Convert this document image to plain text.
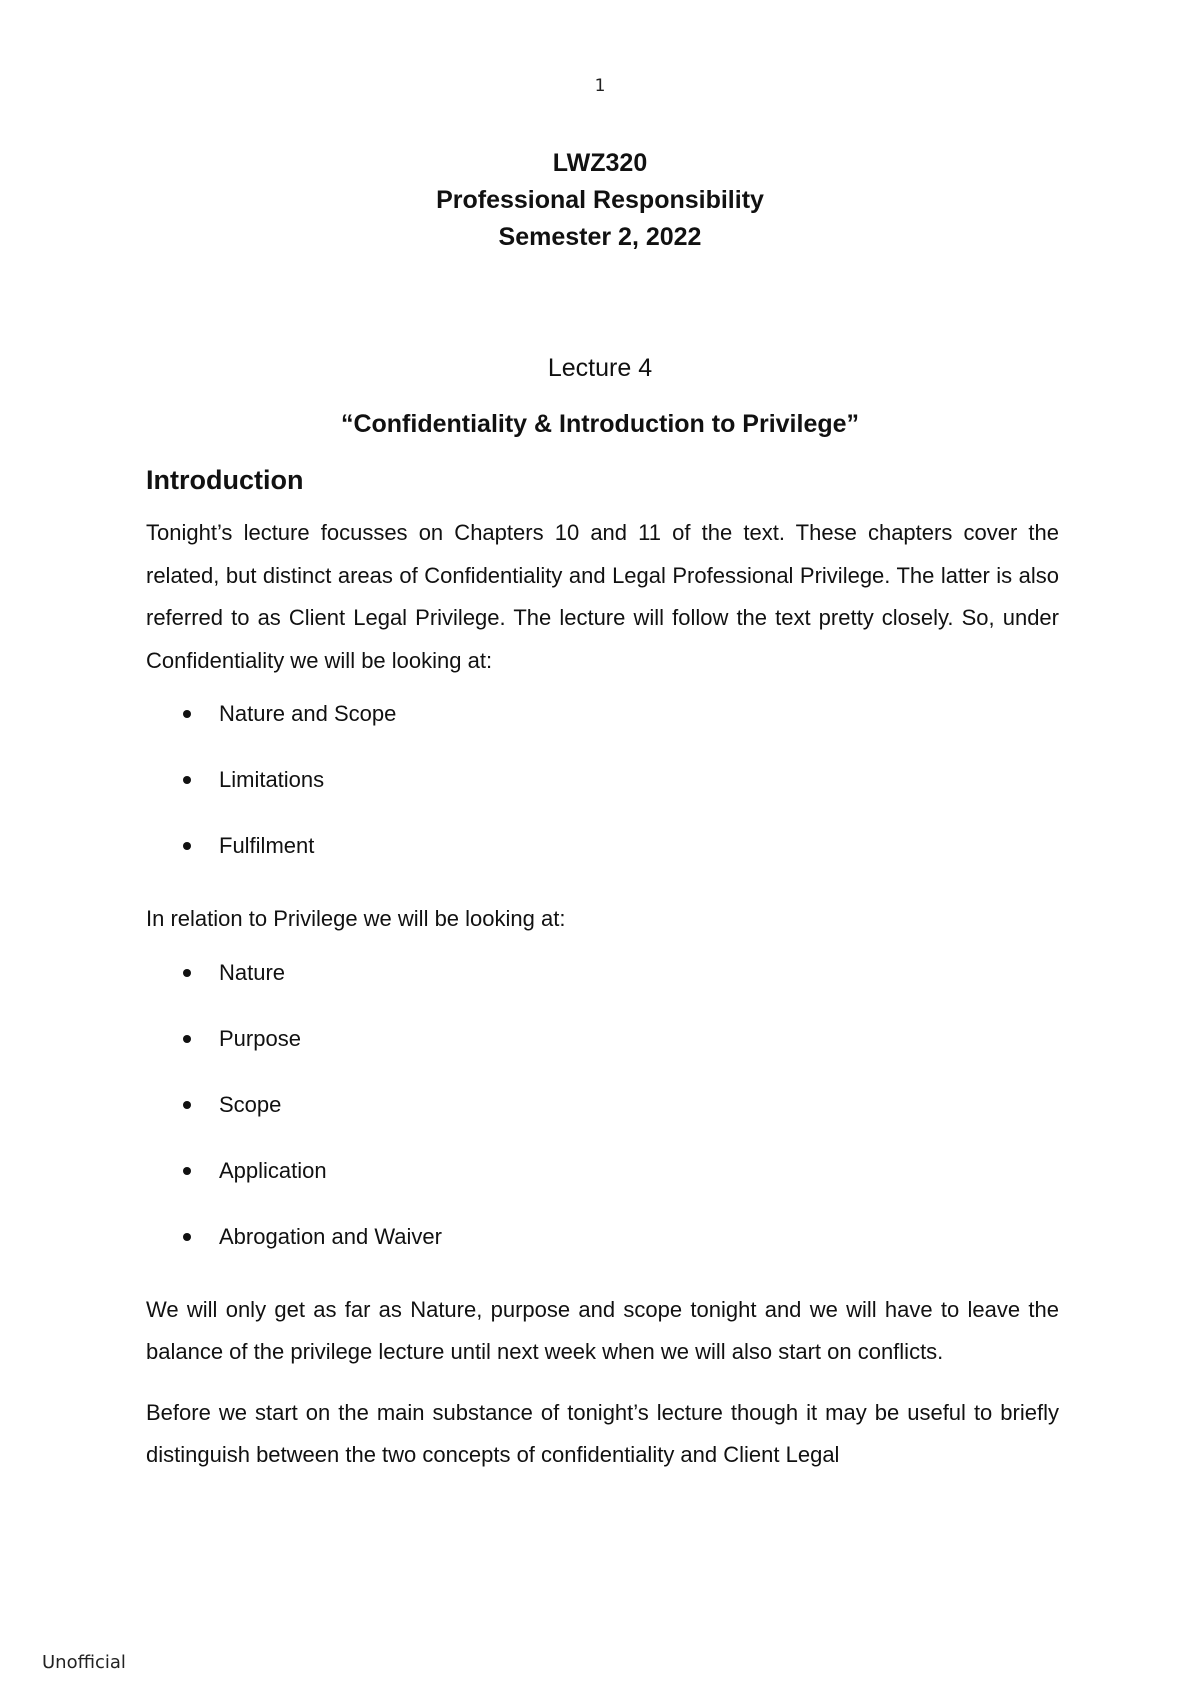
1
LWZ320
Professional Responsibility
Semester 2, 2022
Lecture 4
“Confidentiality & Introduction to Privilege”
Introduction

Tonight’s lecture focusses on Chapters 10 and 11 of the text. These chapters cover the related, but distinct areas of Confidentiality and Legal Professional Privilege. The latter is also referred to as Client Legal Privilege. The lecture will follow the text pretty closely. So, under Confidentiality we will be looking at:

Nature and Scope
Limitations
Fulfilment

In relation to Privilege we will be looking at:

Nature
Purpose
Scope
Application
Abrogation and Waiver

We will only get as far as Nature, purpose and scope tonight and we will have to leave the balance of the privilege lecture until next week when we will also start on conflicts.

Before we start on the main substance of tonight’s lecture though it may be useful to briefly distinguish between the two concepts of confidentiality and Client Legal

Unofficial
